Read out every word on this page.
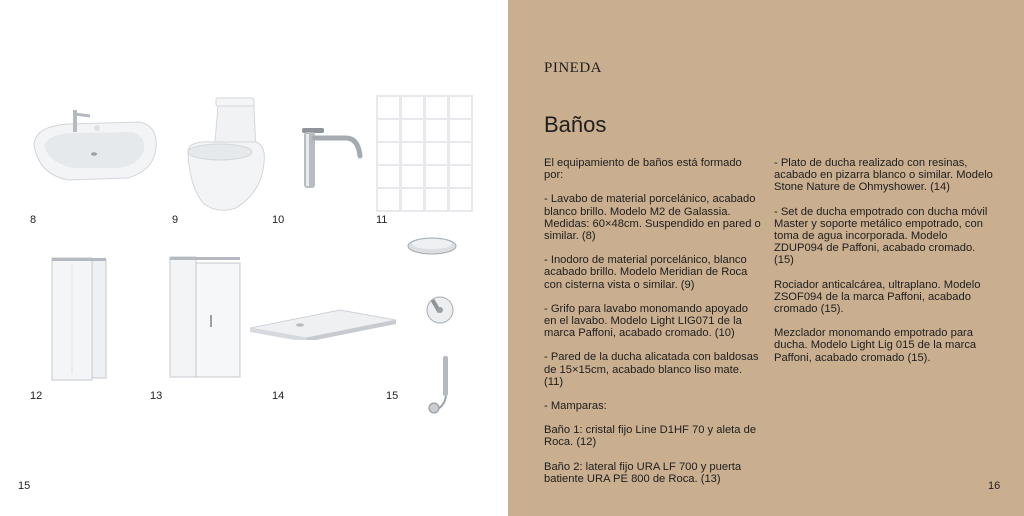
8	9	10	11
12	13	14	15
15
PINEDA
Baños

El equipamiento de baños está formado por:

- Lavabo de material porcelánico, acabado blanco brillo. Modelo M2 de Galassia. Medidas: 60×48cm. Suspendido en pared o similar. (8)

- Inodoro de material porcelánico, blanco acabado brillo. Modelo Meridian de Roca con cisterna vista o similar. (9)

- Grifo para lavabo monomando apoyado en el lavabo. Modelo Light LIG071 de la marca Paffoni, acabado cromado. (10)

- Pared de la ducha alicatada con baldosas de 15×15cm, acabado blanco liso mate. (11)

- Mamparas:

Baño 1: cristal fijo Line D1HF 70 y aleta de Roca. (12)

Baño 2: lateral fijo URA LF 700 y puerta batiente URA PE 800 de Roca. (13)

- Plato de ducha realizado con resinas, acabado en pizarra blanco o similar. Modelo Stone Nature de Ohmyshower. (14)

- Set de ducha empotrado con ducha móvil Master y soporte metálico empotrado, con toma de agua incorporada. Modelo ZDUP094 de Paffoni, acabado cromado. (15)

Rociador anticalcárea, ultraplano. Modelo ZSOF094 de la marca Paffoni, acabado cromado (15).

Mezclador monomando empotrado para ducha. Modelo Light Lig 015 de la marca Paffoni, acabado cromado (15).

16
